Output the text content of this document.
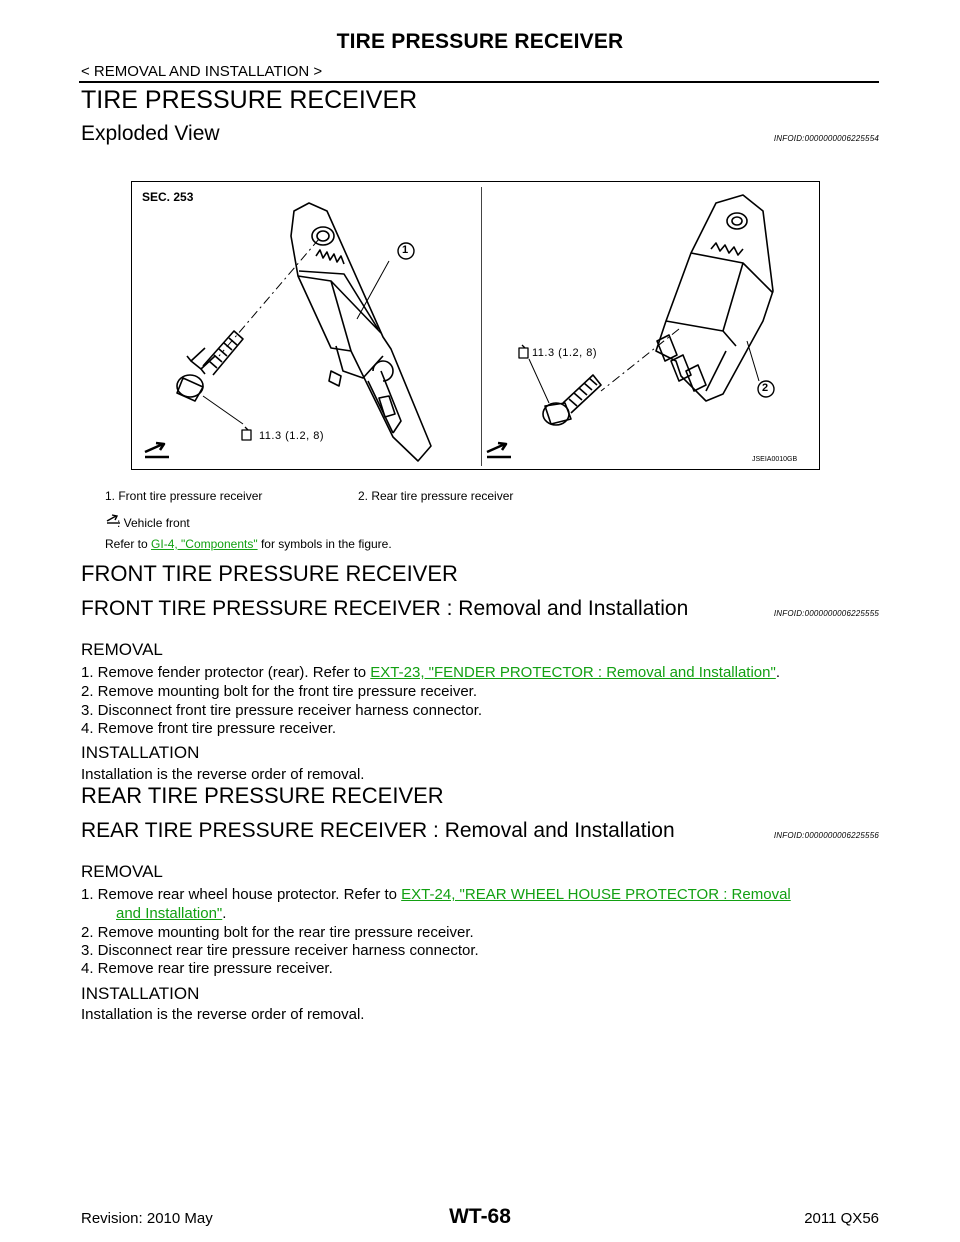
TIRE PRESSURE RECEIVER
< REMOVAL AND INSTALLATION >
TIRE PRESSURE RECEIVER
Exploded View	INFOID:0000000006225554
SEC. 253
11.3 (1.2, 8)
11.3 (1.2, 8)
1
2
JSEIA0010GB
1. Front tire pressure receiver	2. Rear tire pressure receiver
: Vehicle front
Refer to GI-4, "Components" for symbols in the figure.
FRONT TIRE PRESSURE RECEIVER
FRONT TIRE PRESSURE RECEIVER : Removal and Installation	INFOID:0000000006225555
REMOVAL
1. Remove fender protector (rear). Refer to EXT-23, "FENDER PROTECTOR : Removal and Installation".
2. Remove mounting bolt for the front tire pressure receiver.
3. Disconnect front tire pressure receiver harness connector.
4. Remove front tire pressure receiver.
INSTALLATION
Installation is the reverse order of removal.
REAR TIRE PRESSURE RECEIVER
REAR TIRE PRESSURE RECEIVER : Removal and Installation	INFOID:0000000006225556
REMOVAL
1. Remove rear wheel house protector. Refer to EXT-24, "REAR WHEEL HOUSE PROTECTOR : Removal
and Installation".
2. Remove mounting bolt for the rear tire pressure receiver.
3. Disconnect rear tire pressure receiver harness connector.
4. Remove rear tire pressure receiver.
INSTALLATION
Installation is the reverse order of removal.
Revision: 2010 May	WT-68	2011 QX56
